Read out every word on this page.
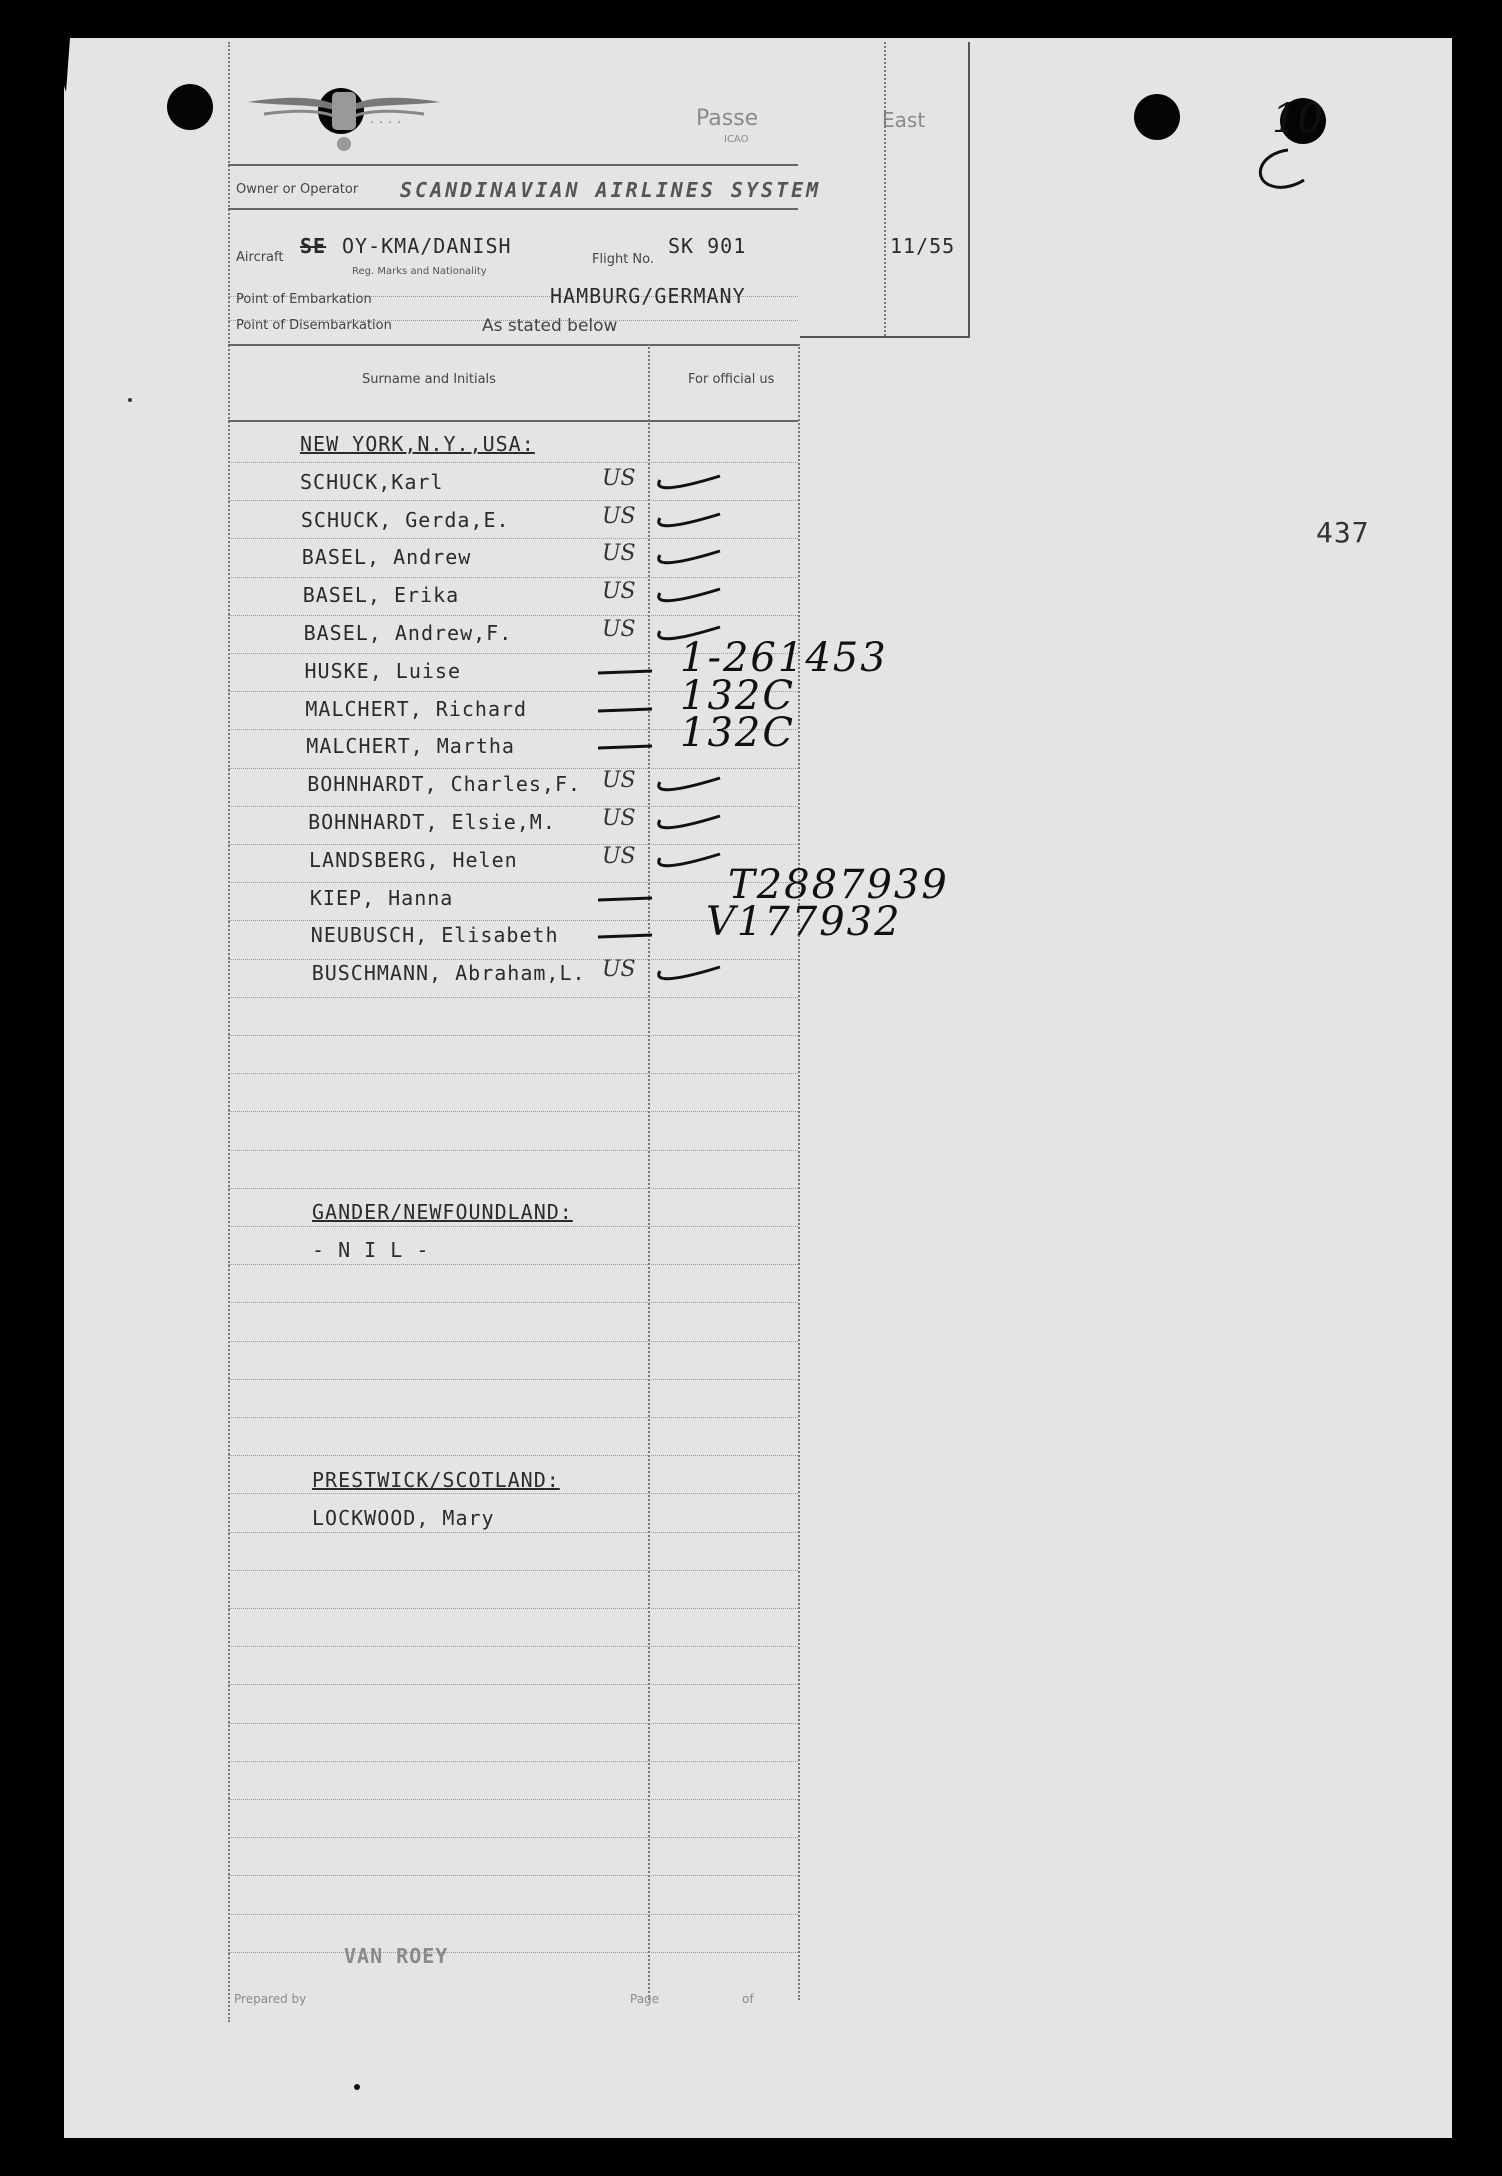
· · · ·	Passe
ICAO
East
Owner or Operator SCANDINAVIAN AIRLINES SYSTEM
Aircraft SE OY-KMA/DANISH
Reg. Marks and Nationality
Flight No.
SK 901	11/55
Point of Embarkation	HAMBURG/GERMANY
Point of Disembarkation	As stated below
Surname and Initials	For official us
NEW YORK,N.Y.,USA:
SCHUCK,Karl	US
SCHUCK, Gerda,E.	US
BASEL, Andrew	US
BASEL, Erika	US
BASEL, Andrew,F.	US
HUSKE, Luise	1-261453
MALCHERT, Richard	132C
MALCHERT, Martha	132C
BOHNHARDT, Charles,F. US
BOHNHARDT, Elsie,M. US
LANDSBERG, Helen	US
KIEP, Hanna	T2887939
NEUBUSCH, Elisabeth	V177932
BUSCHMANN, Abraham,L. US
GANDER/NEWFOUNDLAND:
- N I L -
PRESTWICK/SCOTLAND:
LOCKWOOD, Mary
VAN ROEY
Prepared by	Page	of
437
10
